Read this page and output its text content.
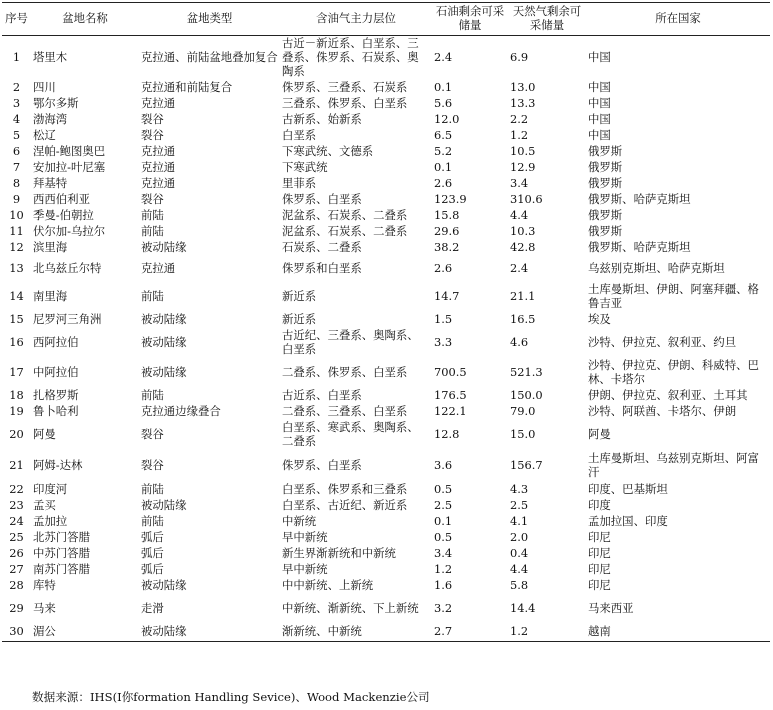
序号	盆地名称	盆地类型	含油气主力层位	石油剩余可采储量	天然气剩余可采储量	所在国家
1	塔里木	克拉通、前陆盆地叠加复合	古近－新近系、白垩系、三叠系、侏罗系、石炭系、奥陶系	2.4	6.9	中国
2	四川	克拉通和前陆复合	侏罗系、三叠系、石炭系	0.1	13.0	中国
3	鄂尔多斯	克拉通	三叠系、侏罗系、白垩系	5.6	13.3	中国
4	渤海湾	裂谷	古新系、始新系	12.0	2.2	中国
5	松辽	裂谷	白垩系	6.5	1.2	中国
6	涅帕-鲍图奥巴	克拉通	下寒武统、文德系	5.2	10.5	俄罗斯
7	安加拉-叶尼塞	克拉通	下寒武统	0.1	12.9	俄罗斯
8	拜基特	克拉通	里菲系	2.6	3.4	俄罗斯
9	西西伯利亚	裂谷	侏罗系、白垩系	123.9	310.6	俄罗斯、哈萨克斯坦
10	季曼-伯朝拉	前陆	泥盆系、石炭系、二叠系	15.8	4.4	俄罗斯
11	伏尔加-乌拉尔	前陆	泥盆系、石炭系、二叠系	29.6	10.3	俄罗斯
12	滨里海	被动陆缘	石炭系、二叠系	38.2	42.8	俄罗斯、哈萨克斯坦
13	北乌兹丘尔特	克拉通	侏罗系和白垩系	2.6	2.4	乌兹别克斯坦、哈萨克斯坦
14	南里海	前陆	新近系	14.7	21.1	土库曼斯坦、伊朗、阿塞拜疆、格鲁吉亚
15	尼罗河三角洲	被动陆缘	新近系	1.5	16.5	埃及
16	西阿拉伯	被动陆缘	古近纪、三叠系、奥陶系、白垩系	3.3	4.6	沙特、伊拉克、叙利亚、约旦
17	中阿拉伯	被动陆缘	二叠系、侏罗系、白垩系	700.5	521.3	沙特、伊拉克、伊朗、科威特、巴林、卡塔尔
18	扎格罗斯	前陆	古近系、白垩系	176.5	150.0	伊朗、伊拉克、叙利亚、土耳其
19	鲁卜哈利	克拉通边缘叠合	二叠系、三叠系、白垩系	122.1	79.0	沙特、阿联酋、卡塔尔、伊朗
20	阿曼	裂谷	白垩系、寒武系、奥陶系、二叠系	12.8	15.0	阿曼
21	阿姆-达林	裂谷	侏罗系、白垩系	3.6	156.7	土库曼斯坦、乌兹别克斯坦、阿富汗
22	印度河	前陆	白垩系、侏罗系和三叠系	0.5	4.3	印度、巴基斯坦
23	孟买	被动陆缘	白垩系、古近纪、新近系	2.5	2.5	印度
24	孟加拉	前陆	中新统	0.1	4.1	孟加拉国、印度
25	北苏门答腊	弧后	早中新统	0.5	2.0	印尼
26	中苏门答腊	弧后	新生界渐新统和中新统	3.4	0.4	印尼
27	南苏门答腊	弧后	早中新统	1.2	4.4	印尼
28	库特	被动陆缘	中中新统、上新统	1.6	5.8	印尼
29	马来	走滑	中新统、渐新统、下上新统	3.2	14.4	马来西亚
30	湄公	被动陆缘	渐新统、中新统	2.7	1.2	越南
数据来源：IHS(I你formation Handling Sevice)、Wood Mackenzie公司
